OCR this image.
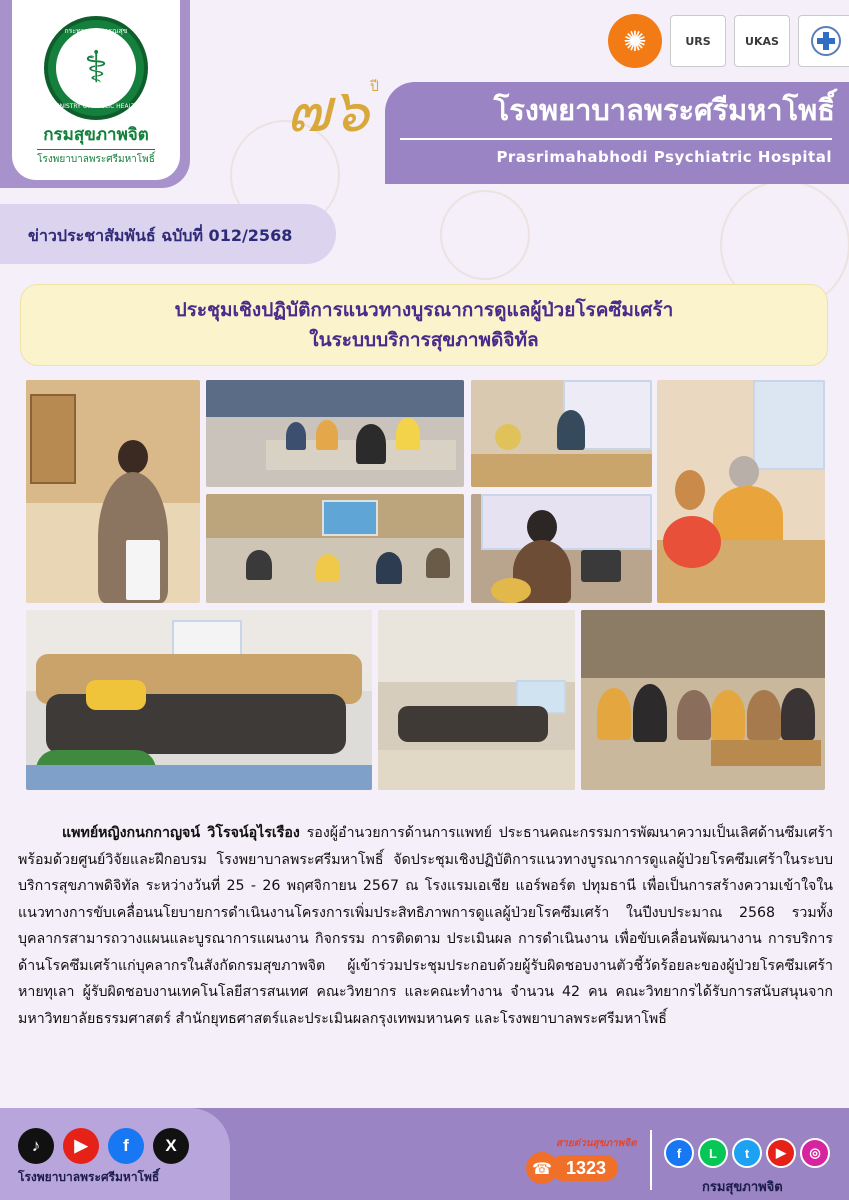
กระทรวงสาธารณสุข
⚕
MINISTRY OF PUBLIC HEALTH
กรมสุขภาพจิต
โรงพยาบาลพระศรีมหาโพธิ์
๗๖ ปี
โรงพยาบาลพระศรีมหาโพธิ์
Prasrimahabhodi Psychiatric Hospital
✺	URS	UKAS
ข่าวประชาสัมพันธ์ ฉบับที่ 012/2568
ประชุมเชิงปฏิบัติการแนวทางบูรณาการดูแลผู้ป่วยโรคซึมเศร้า
ในระบบบริการสุขภาพดิจิทัล
แพทย์หญิงกนกกาญจน์ วิโรจน์อุไรเรือง รองผู้อำนวยการด้านการแพทย์ ประธานคณะกรรมการพัฒนาความเป็นเลิศด้านซึมเศร้า พร้อมด้วยศูนย์วิจัยและฝึกอบรม โรงพยาบาลพระศรีมหาโพธิ์ จัดประชุมเชิงปฏิบัติการแนวทางบูรณาการดูแลผู้ป่วยโรคซึมเศร้าในระบบบริการสุขภาพดิจิทัล ระหว่างวันที่ 25 - 26 พฤศจิกายน 2567 ณ โรงแรมเอเชีย แอร์พอร์ต ปทุมธานี เพื่อเป็นการสร้างความเข้าใจในแนวทางการขับเคลื่อนนโยบายการดำเนินงานโครงการเพิ่มประสิทธิภาพการดูแลผู้ป่วยโรคซึมเศร้า ในปีงบประมาณ 2568 รวมทั้งบุคลากรสามารถวางแผนและบูรณาการแผนงาน กิจกรรม การติดตาม ประเมินผล การดำเนินงาน เพื่อขับเคลื่อนพัฒนางาน การบริการด้านโรคซึมเศร้าแก่บุคลากรในสังกัดกรมสุขภาพจิต ผู้เข้าร่วมประชุมประกอบด้วยผู้รับผิดชอบงานตัวชี้วัดร้อยละของผู้ป่วยโรคซึมเศร้าหายทุเลา ผู้รับผิดชอบงานเทคโนโลยีสารสนเทศ คณะวิทยากร และคณะทำงาน จำนวน 42 คน คณะวิทยากรได้รับการสนับสนุนจากมหาวิทยาลัยธรรมศาสตร์ สำนักยุทธศาสตร์และประเมินผลกรุงเทพมหานคร และโรงพยาบาลพระศรีมหาโพธิ์
♪	▶	f	X
โรงพยาบาลพระศรีมหาโพธิ์
สายด่วนสุขภาพจิต
☎ 1323
f	L	t	▶	◎
กรมสุขภาพจิต
